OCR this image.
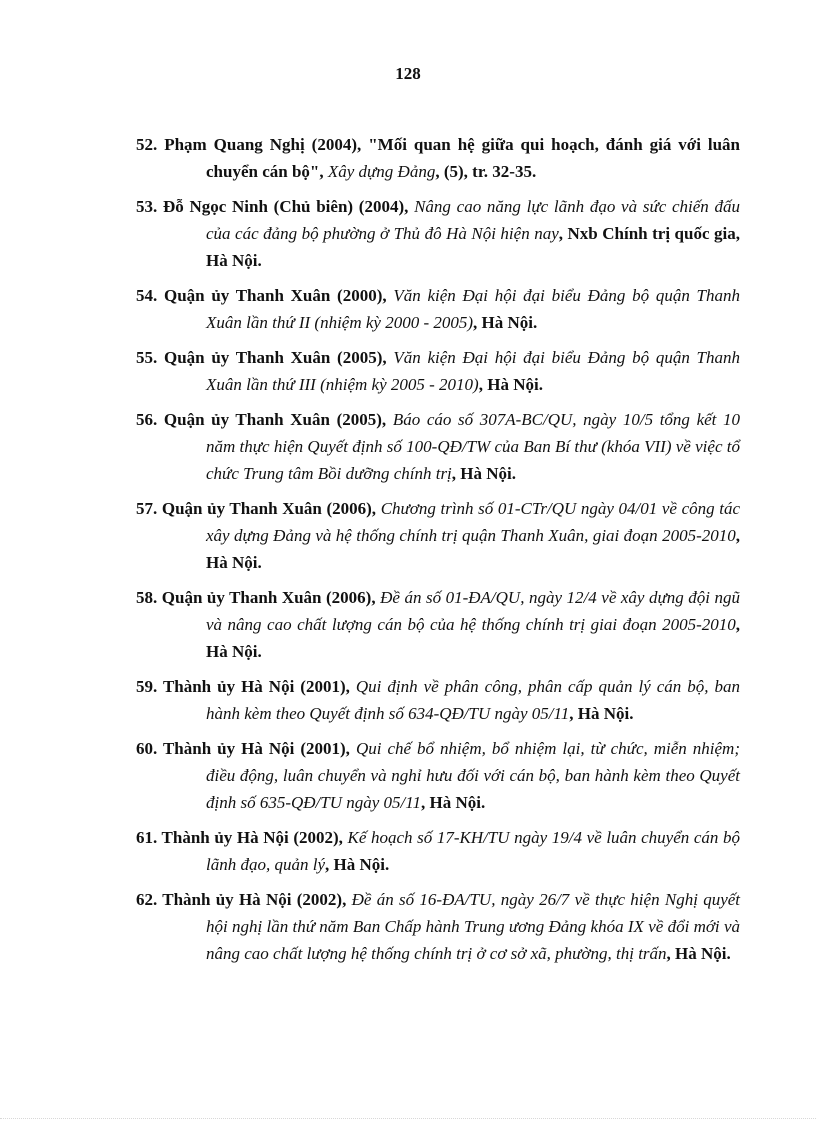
128
52. Phạm Quang Nghị (2004), "Mối quan hệ giữa qui hoạch, đánh giá với luân chuyển cán bộ", Xây dựng Đảng, (5), tr. 32-35.
53. Đỗ Ngọc Ninh (Chủ biên) (2004), Nâng cao năng lực lãnh đạo và sức chiến đấu của các đảng bộ phường ở Thủ đô Hà Nội hiện nay, Nxb Chính trị quốc gia, Hà Nội.
54. Quận ủy Thanh Xuân (2000), Văn kiện Đại hội đại biểu Đảng bộ quận Thanh Xuân lần thứ II (nhiệm kỳ 2000 - 2005), Hà Nội.
55. Quận ủy Thanh Xuân (2005), Văn kiện Đại hội đại biểu Đảng bộ quận Thanh Xuân lần thứ III (nhiệm kỳ 2005 - 2010), Hà Nội.
56. Quận ủy Thanh Xuân (2005), Báo cáo số 307A-BC/QU, ngày 10/5 tổng kết 10 năm thực hiện Quyết định số 100-QĐ/TW của Ban Bí thư (khóa VII) về việc tổ chức Trung tâm Bồi dưỡng chính trị, Hà Nội.
57. Quận ủy Thanh Xuân (2006), Chương trình số 01-CTr/QU ngày 04/01 về công tác xây dựng Đảng và hệ thống chính trị quận Thanh Xuân, giai đoạn 2005-2010, Hà Nội.
58. Quận ủy Thanh Xuân (2006), Đề án số 01-ĐA/QU, ngày 12/4 về xây dựng đội ngũ và nâng cao chất lượng cán bộ của hệ thống chính trị giai đoạn 2005-2010, Hà Nội.
59. Thành ủy Hà Nội (2001), Qui định về phân công, phân cấp quản lý cán bộ, ban hành kèm theo Quyết định số 634-QĐ/TU ngày 05/11, Hà Nội.
60. Thành ủy Hà Nội (2001), Qui chế bổ nhiệm, bổ nhiệm lại, từ chức, miễn nhiệm; điều động, luân chuyển và nghỉ hưu đối với cán bộ, ban hành kèm theo Quyết định số 635-QĐ/TU ngày 05/11, Hà Nội.
61. Thành ủy Hà Nội (2002), Kế hoạch số 17-KH/TU ngày 19/4 về luân chuyển cán bộ lãnh đạo, quản lý, Hà Nội.
62. Thành ủy Hà Nội (2002), Đề án số 16-ĐA/TU, ngày 26/7 về thực hiện Nghị quyết hội nghị lần thứ năm Ban Chấp hành Trung ương Đảng khóa IX về đổi mới và nâng cao chất lượng hệ thống chính trị ở cơ sở xã, phường, thị trấn, Hà Nội.
